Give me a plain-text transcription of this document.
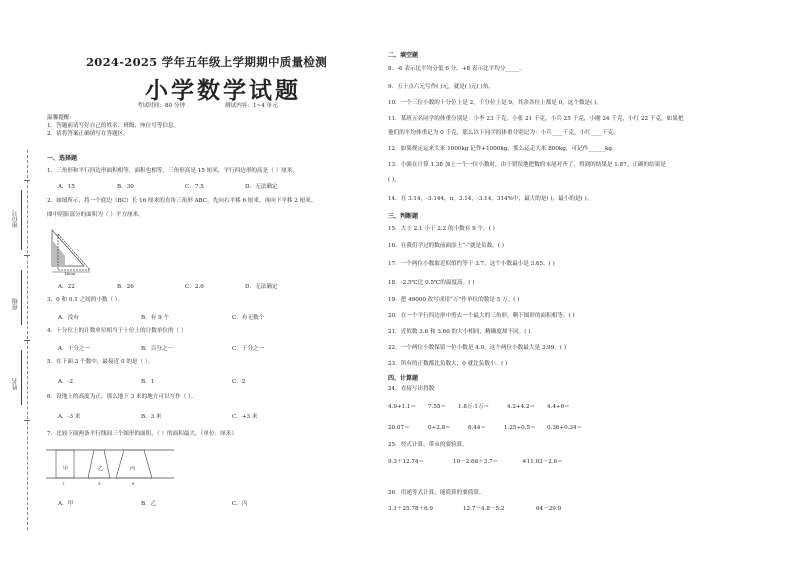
座位号
班级
姓名
2024-2025 学年五年级上学期期中质量检测
小学数学试题
考试时间：80 分钟	测试内容：1~4 单元
温馨提醒：
1．答题前请写好自己的姓名、班级、座位号等信息。
2．请将答案正确填写在答题区。
一、选择题
1．三角形和平行四边形面积相等，面积也相等，三角形高是 15 厘米，平行四边形的高是（ ）厘米。
A．15	B．30	C．7.5	D．无法确定
2．如图所示，将一个底边（BC）长 16 厘米的直角三角形 ABC，先向右平移 6 厘米，再向下平移 2 厘米。
图中阴影部分的面积为（ ）平方厘米。
16cm
A．22	B．26	C．2.6	D．无法确定
3．0 和 0.1 之间的小数（ ）。
A．没有	B．有 9 个	C．有无数个
4．十分位上的计数单位相当于十位上的计数单位的（ ）
A．十分之一	B．百分之一	C．千分之一
5．在下面 3 个数中，最接近 0 的是（ ）。
A．-2	B．1	C．2
6．设地上的高度为正，那么地下 3 米的地方可以写作（ ）。
A．-3 米	B．3 米	C．+3 米
7．比较下面两条平行线间三个图形的面积，（ ）的面积最大。（单位：厘米）
甲	乙	丙
7	5	8
A．甲	B．乙	C．丙
二、填空题
8．-6 表示比平均分低 6 分，+8 表示比平均分_____。
9．五十点六元写作( )元，就是( )元( )角。
10．一个三位小数的十分位上是 2，千分位上是 9，其余各位上都是 0，这个数是( )。
11．某班五名同学的体重分别是：小李 23 千克，小张 21 千克，小兵 25 千克，小刚 24 千克，小红 22 千克，如果把
他们的平均体重记为 0 千克，那么以下同学的体重分别记为：小兵____千克，小红____千克。
12．如果规定运来大米 1000kg 记作+1000kg，那么运走大米 800kg，可记作______kg。
13．小强在计算 1.38 加上一个一位小数时，由于错误地把数的末尾对齐了，得到的结果是 1.87。正确的结果是
( )。
14．在 3.14，-3.144，π，3.1̇4̇，-3.14，314%中，最大的是( )，最小的是( )。
三、判断题
15．大于 2.1 小于 2.2 的小数有 9 个。( )
16．在我们学过的数前面添上“-”就是负数。( )
17．一个两位小数取近似值约等于 3.7，这个小数最小是 3.65。( )
18．-2.5℃比 0.5℃的温度高。( )
19．把 49000 改写成用“万”作单位的数是 5 万。( )
20．在一个平行四边形中剪去一个最大的三角形，剩下图形的面积相等。( )
21．近似数 3.6 和 3.60 的大小相同，精确度却不同。( )
22．一个两位小数保留一位小数是 4.0，这个两位小数最大是 3.99。( )
23．所有的正数都比负数大，0 就比负数小。( )
四、计算题
24．直接写出得数
4.9+1.1＝ 7.55＝ 1.8万-1万＝	4.2+4.2＝ 4.4÷6＝
20.07＝	0÷2.8＝	8.44＝	1.25÷0.5＝ 0.36+0.34＝
25．竖式计算，带※的要验算。
9.3＋12.74＝	10－2.68＋3.7＝	※11.03－2.6＝
26．用递等式计算，能简算的要简算。
3.1＋25.78＋6.9	12.7－4.8－5.2	64－29.9
